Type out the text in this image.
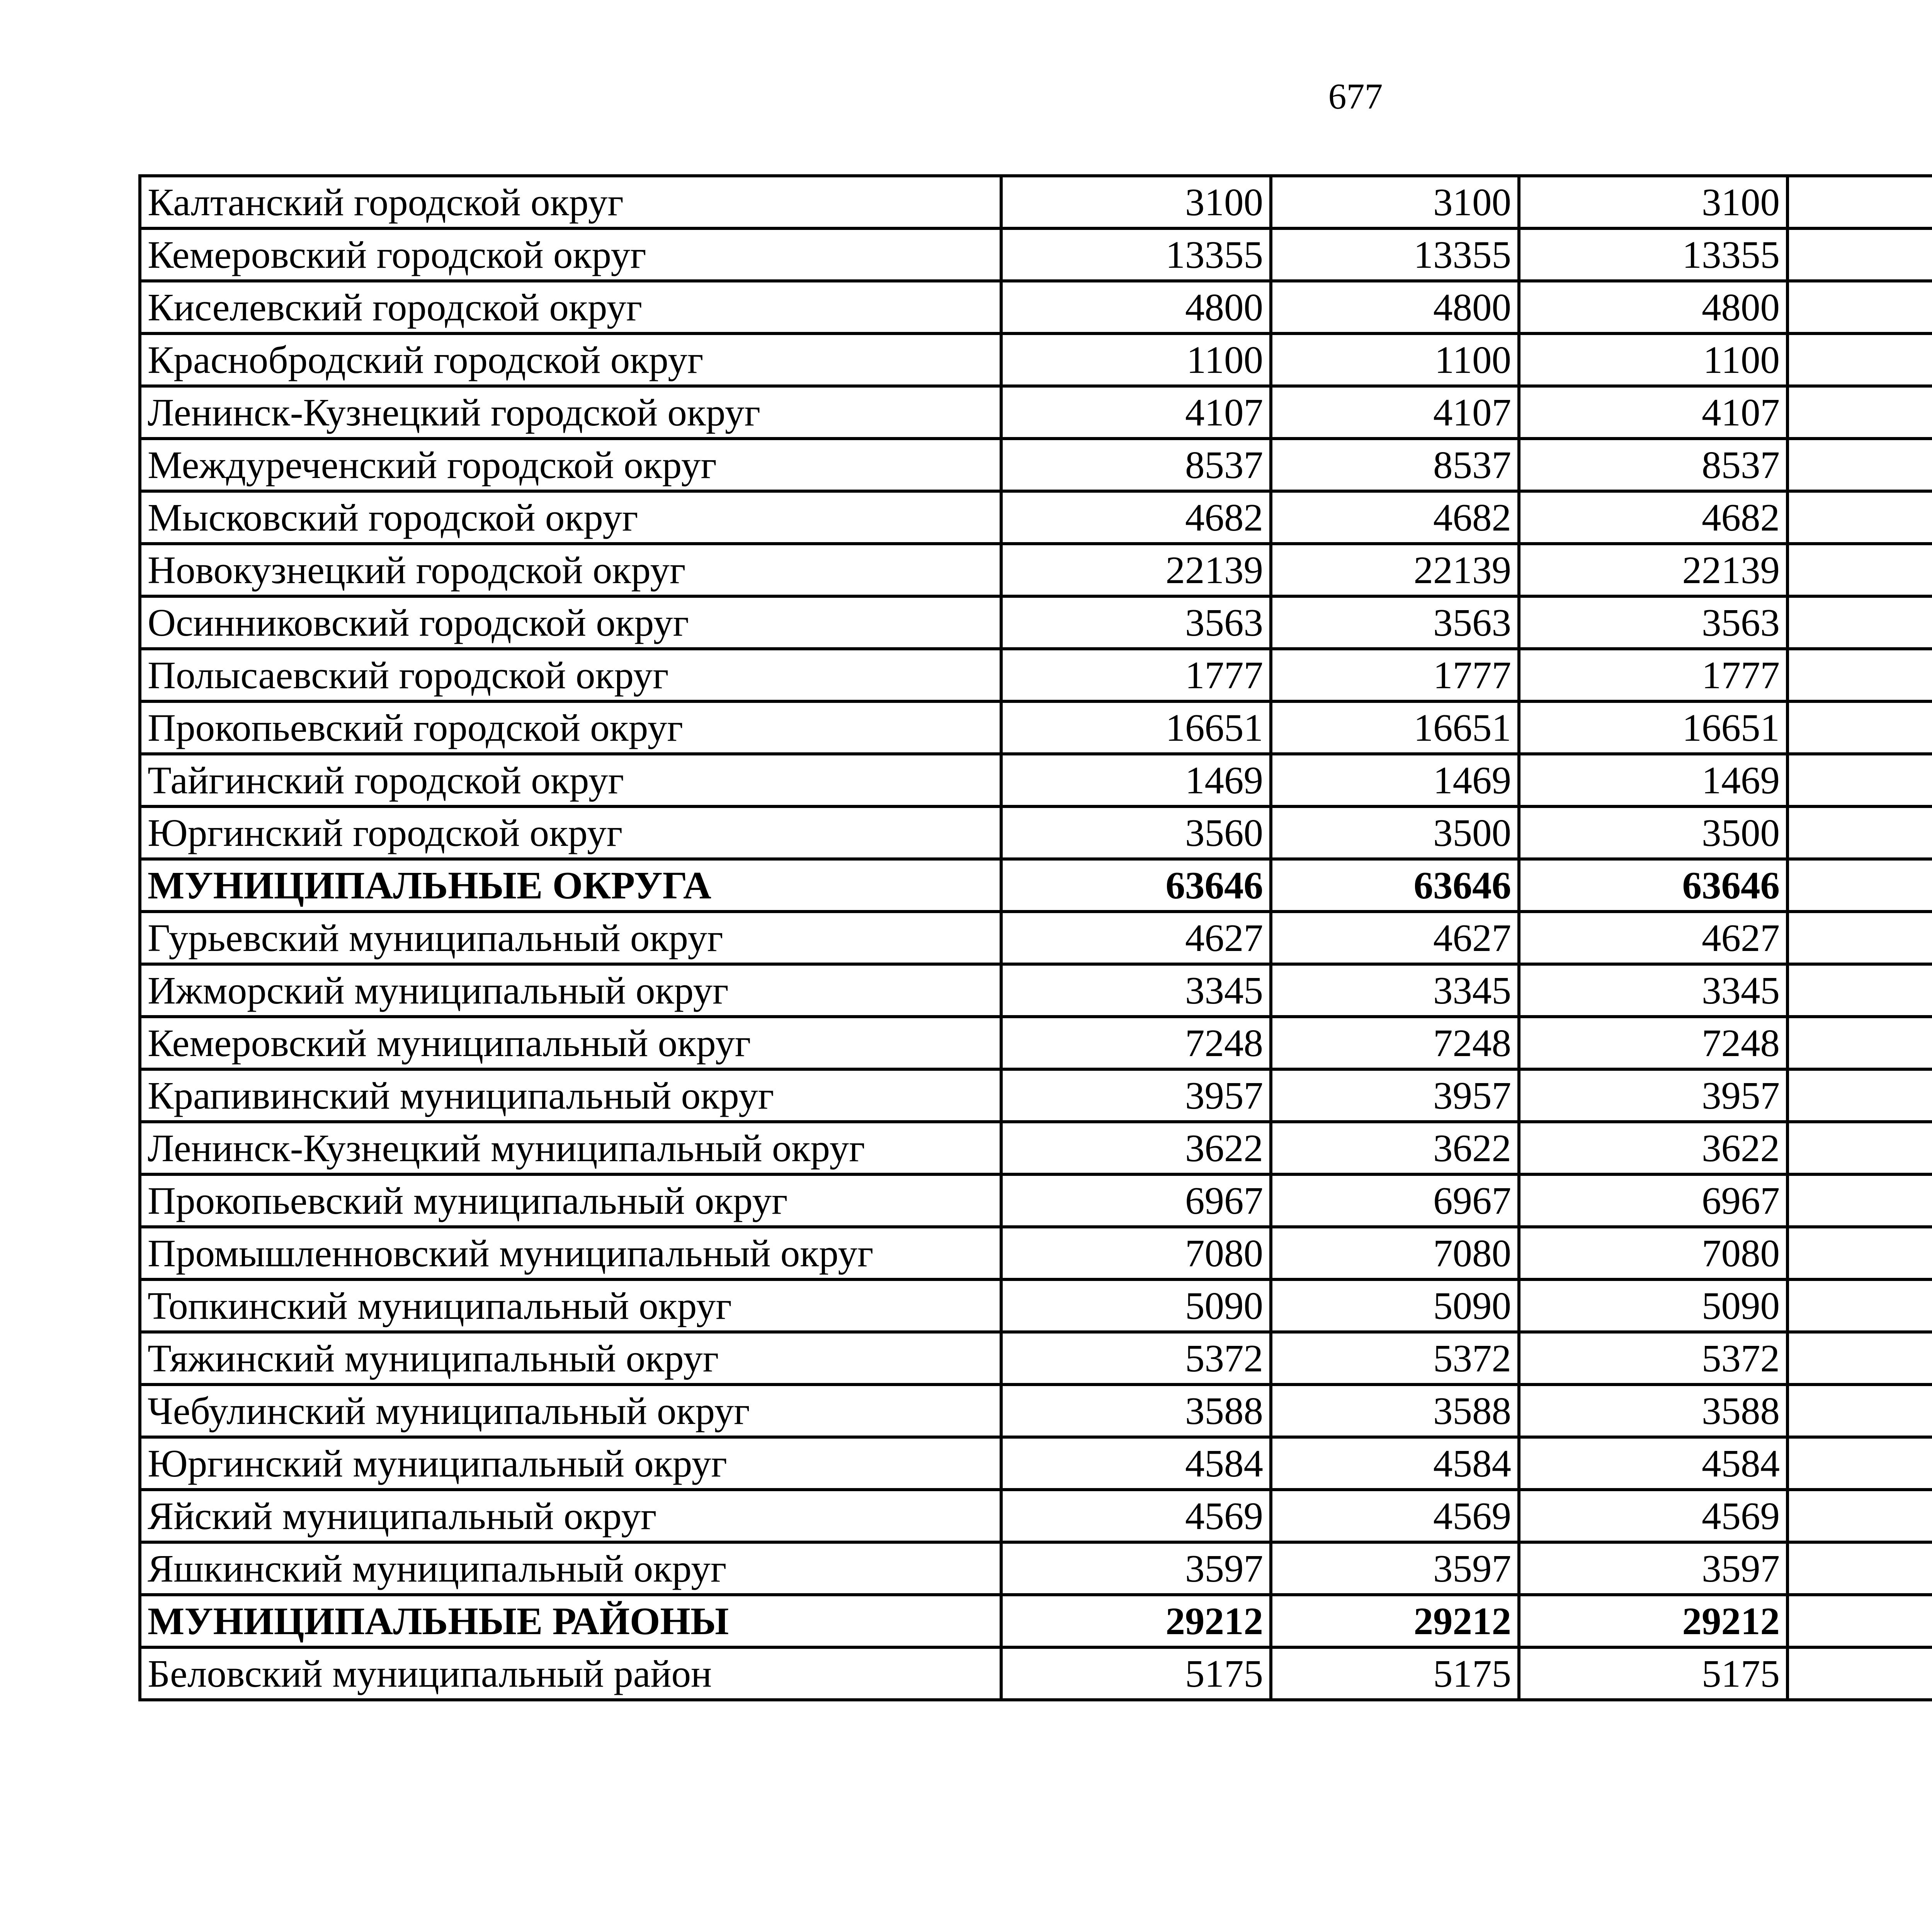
677
Калтанский городской округ	3100	3100	3100			
Кемеровский городской округ	13355	13355	13355			
Киселевский городской округ	4800	4800	4800			
Краснобродский городской округ	1100	1100	1100			
Ленинск-Кузнецкий городской округ	4107	4107	4107			
Междуреченский городской округ	8537	8537	8537			
Мысковский городской округ	4682	4682	4682			
Новокузнецкий городской округ	22139	22139	22139			
Осинниковский городской округ	3563	3563	3563			
Полысаевский городской округ	1777	1777	1777			
Прокопьевский городской округ	16651	16651	16651			
Тайгинский городской округ	1469	1469	1469			
Юргинский городской округ	3560	3500	3500			
МУНИЦИПАЛЬНЫЕ ОКРУГА	63646	63646	63646			
Гурьевский муниципальный округ	4627	4627	4627			
Ижморский муниципальный округ	3345	3345	3345			
Кемеровский муниципальный округ	7248	7248	7248			
Крапивинский муниципальный округ	3957	3957	3957			
Ленинск-Кузнецкий муниципальный округ	3622	3622	3622			
Прокопьевский муниципальный округ	6967	6967	6967			
Промышленновский муниципальный округ	7080	7080	7080			
Топкинский муниципальный округ	5090	5090	5090			
Тяжинский муниципальный округ	5372	5372	5372			
Чебулинский муниципальный округ	3588	3588	3588			
Юргинский муниципальный округ	4584	4584	4584			
Яйский муниципальный округ	4569	4569	4569			
Яшкинский муниципальный округ	3597	3597	3597			
МУНИЦИПАЛЬНЫЕ РАЙОНЫ	29212	29212	29212			
Беловский муниципальный район	5175	5175	5175			
